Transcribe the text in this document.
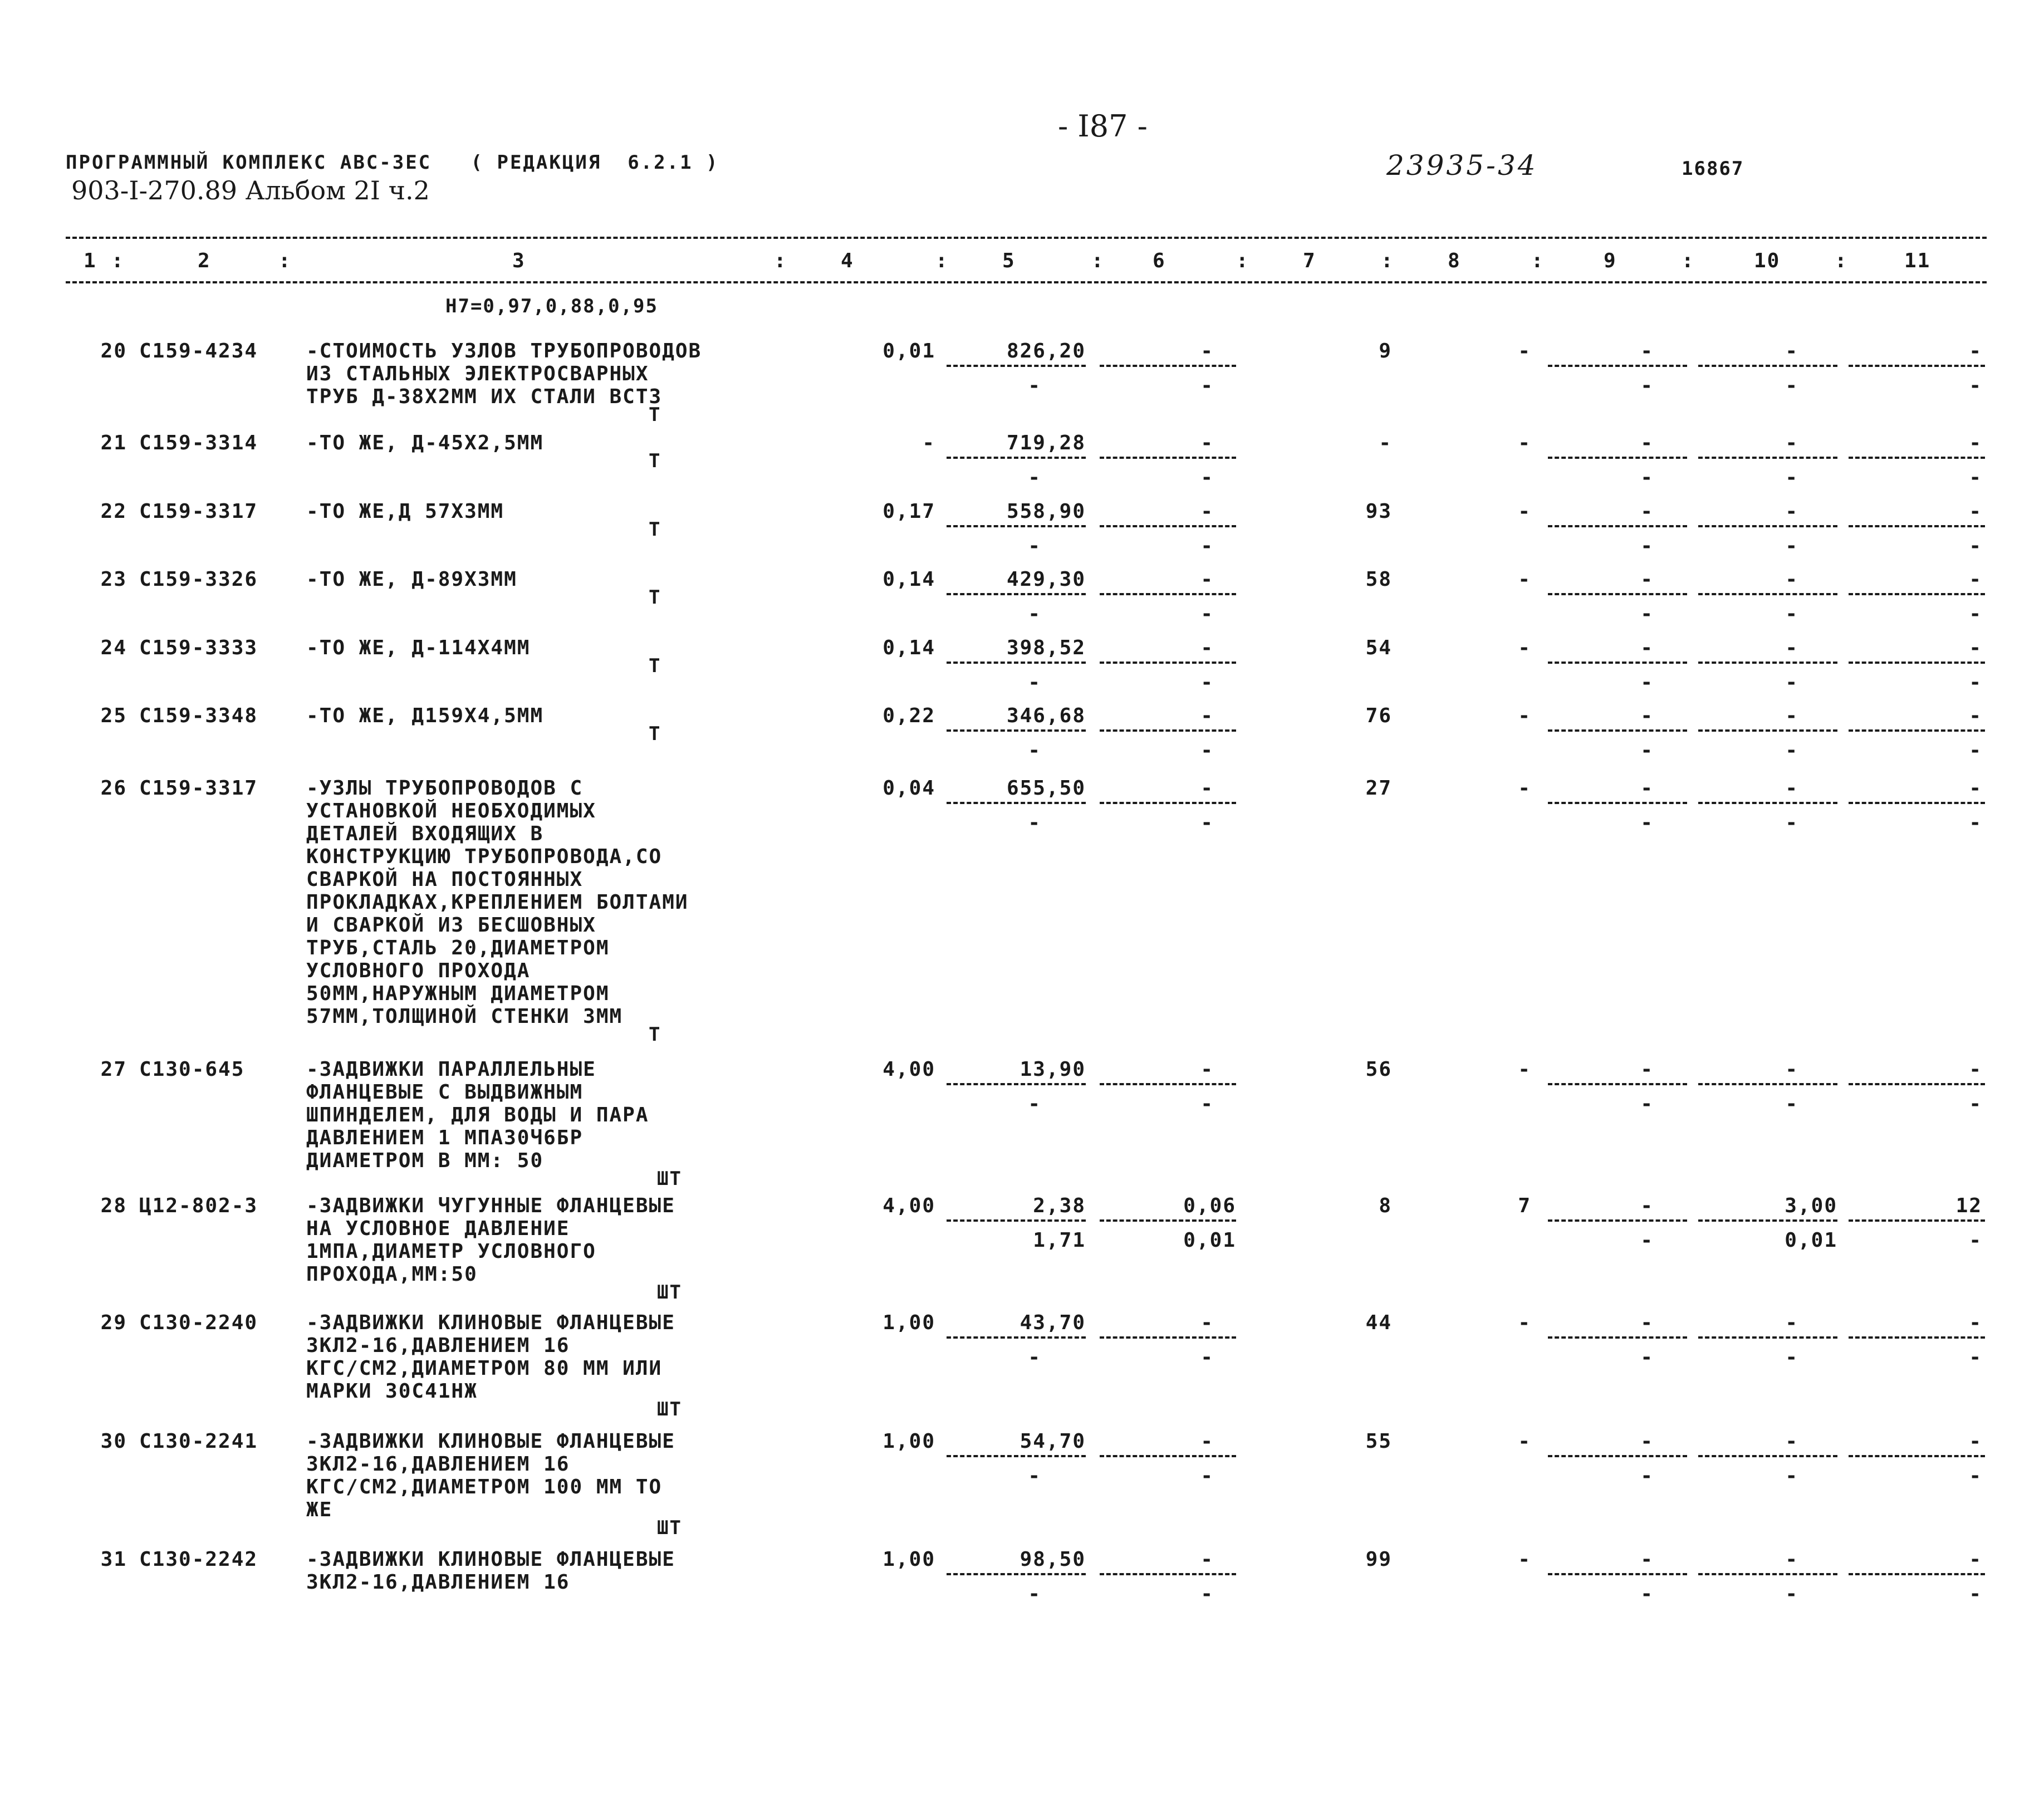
- I87 -
ПРОГРАММНЫЙ КОМПЛЕКС АВС-ЗЕС   ( РЕДАКЦИЯ  6.2.1 )
903-I-270.89 Альбом 2I ч.2
23935-34	16867
1	2	3	4	5	6	7	8	9	10	11
:	:	:	:	:	:	:	:	:	:
Н7=0,97,0,88,0,95
20 С159-4234 -СТОИМОСТЬ УЗЛОВ ТРУБОПРОВОДОВ
ИЗ СТАЛЬНЫХ ЭЛЕКТРОСВАРНЫХ
ТРУБ Д-38Х2ММ ИХ СТАЛИ ВСТ3
Т
0,01	826,20	-	9	-	-	-	-
-	-	-	-	-
21 С159-3314 -ТО ЖЕ, Д-45Х2,5ММ
Т
-	719,28	-	-	-	-	-	-
-	-	-	-	-
22 С159-3317 -ТО ЖЕ,Д 57Х3ММ
Т
0,17	558,90	-	93	-	-	-	-
-	-	-	-	-
23 С159-3326 -ТО ЖЕ, Д-89Х3ММ
Т
0,14	429,30	-	58	-	-	-	-
-	-	-	-	-
24 С159-3333 -ТО ЖЕ, Д-114Х4ММ
Т
0,14	398,52	-	54	-	-	-	-
-	-	-	-	-
25 С159-3348 -ТО ЖЕ, Д159Х4,5ММ
Т
0,22	346,68	-	76	-	-	-	-
-	-	-	-	-
26 С159-3317 -УЗЛЫ ТРУБОПРОВОДОВ С
УСТАНОВКОЙ НЕОБХОДИМЫХ
ДЕТАЛЕЙ ВХОДЯЩИХ В
КОНСТРУКЦИЮ ТРУБОПРОВОДА,СО
СВАРКОЙ НА ПОСТОЯННЫХ
ПРОКЛАДКАХ,КРЕПЛЕНИЕМ БОЛТАМИ
И СВАРКОЙ ИЗ БЕСШОВНЫХ
ТРУБ,СТАЛЬ 20,ДИАМЕТРОМ
УСЛОВНОГО ПРОХОДА
50ММ,НАРУЖНЫМ ДИАМЕТРОМ
57ММ,ТОЛЩИНОЙ СТЕНКИ 3ММ
Т
0,04	655,50	-	27	-	-	-	-
-	-	-	-	-
27 С130-645	-ЗАДВИЖКИ ПАРАЛЛЕЛЬНЫЕ
ФЛАНЦЕВЫЕ С ВЫДВИЖНЫМ
ШПИНДЕЛЕМ, ДЛЯ ВОДЫ И ПАРА
ДАВЛЕНИЕМ 1 МПА30Ч6БР
ДИАМЕТРОМ В ММ: 50
ШТ
4,00	13,90	-	56	-	-	-	-
-	-	-	-	-
28 Ц12-802-3 -ЗАДВИЖКИ ЧУГУННЫЕ ФЛАНЦЕВЫЕ
НА УСЛОВНОЕ ДАВЛЕНИЕ
1МПА,ДИАМЕТР УСЛОВНОГО
ПРОХОДА,ММ:50
ШТ
4,00	2,38	0,06	8	7	-	3,00	12
1,71	0,01	-	0,01	-
29 С130-2240 -ЗАДВИЖКИ КЛИНОВЫЕ ФЛАНЦЕВЫЕ
ЗКЛ2-16,ДАВЛЕНИЕМ 16
КГС/СМ2,ДИАМЕТРОМ 80 ММ ИЛИ
МАРКИ 30С41НЖ
ШТ
1,00	43,70	-	44	-	-	-	-
-	-	-	-	-
30 С130-2241 -ЗАДВИЖКИ КЛИНОВЫЕ ФЛАНЦЕВЫЕ
ЗКЛ2-16,ДАВЛЕНИЕМ 16
КГС/СМ2,ДИАМЕТРОМ 100 ММ ТО
ЖЕ
ШТ
1,00	54,70	-	55	-	-	-	-
-	-	-	-	-
31 С130-2242 -ЗАДВИЖКИ КЛИНОВЫЕ ФЛАНЦЕВЫЕ
ЗКЛ2-16,ДАВЛЕНИЕМ 16
1,00	98,50	-	99	-	-	-	-
-	-	-	-	-
